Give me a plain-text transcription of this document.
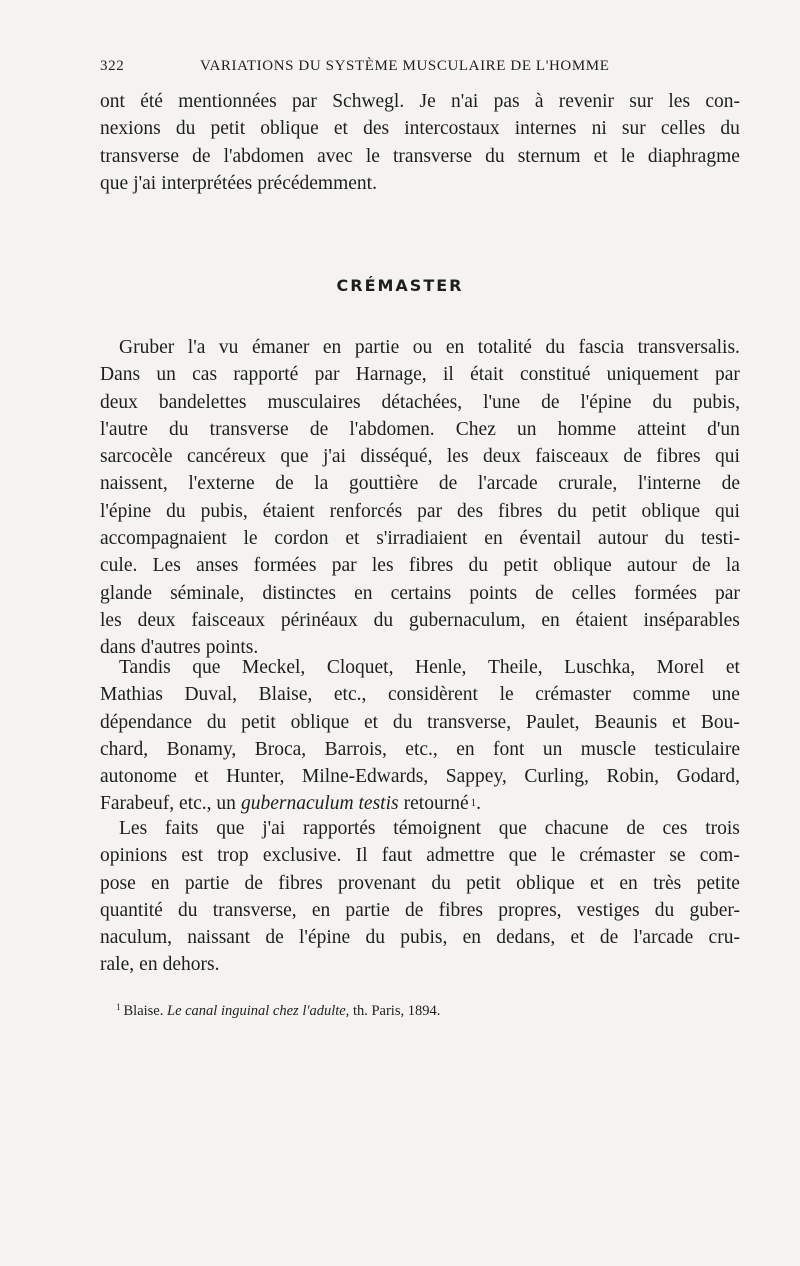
322	VARIATIONS DU SYSTÈME MUSCULAIRE DE L'HOMME
ont été mentionnées par Schwegl. Je n'ai pas à revenir sur les con-
nexions du petit oblique et des intercostaux internes ni sur celles du
transverse de l'abdomen avec le transverse du sternum et le diaphragme
que j'ai interprétées précédemment.
CRÉMASTER
Gruber l'a vu émaner en partie ou en totalité du fascia transversalis.
Dans un cas rapporté par Harnage, il était constitué uniquement par
deux bandelettes musculaires détachées, l'une de l'épine du pubis,
l'autre du transverse de l'abdomen. Chez un homme atteint d'un
sarcocèle cancéreux que j'ai disséqué, les deux faisceaux de fibres qui
naissent, l'externe de la gouttière de l'arcade crurale, l'interne de
l'épine du pubis, étaient renforcés par des fibres du petit oblique qui
accompagnaient le cordon et s'irradiaient en éventail autour du testi-
cule. Les anses formées par les fibres du petit oblique autour de la
glande séminale, distinctes en certains points de celles formées par
les deux faisceaux périnéaux du gubernaculum, en étaient inséparables
dans d'autres points.
Tandis que Meckel, Cloquet, Henle, Theile, Luschka, Morel et
Mathias Duval, Blaise, etc., considèrent le crémaster comme une
dépendance du petit oblique et du transverse, Paulet, Beaunis et Bou-
chard, Bonamy, Broca, Barrois, etc., en font un muscle testiculaire
autonome et Hunter, Milne-Edwards, Sappey, Curling, Robin, Godard,
Farabeuf, etc., un gubernaculum testis retourné 1 .
Les faits que j'ai rapportés témoignent que chacune de ces trois
opinions est trop exclusive. Il faut admettre que le crémaster se com-
pose en partie de fibres provenant du petit oblique et en très petite
quantité du transverse, en partie de fibres propres, vestiges du guber-
naculum, naissant de l'épine du pubis, en dedans, et de l'arcade cru-
rale, en dehors.
$^1$ Blaise. Le canal inguinal chez l'adulte, th. Paris, 1894.
